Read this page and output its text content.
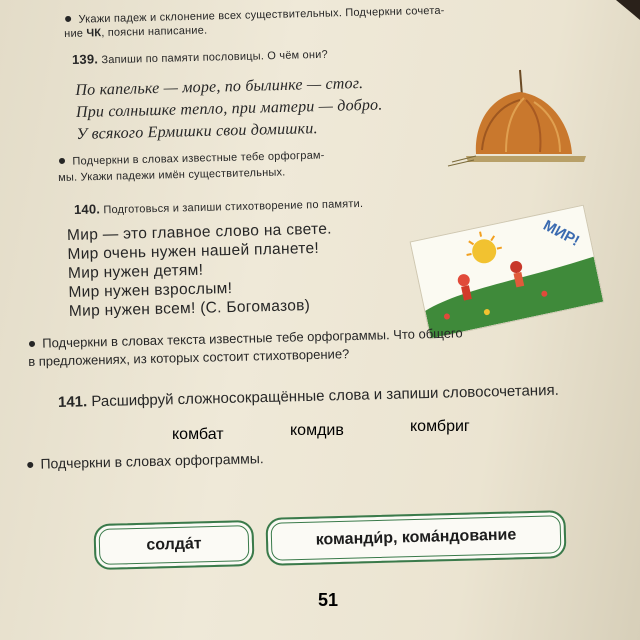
● Укажи падеж и склонение всех существительных. Подчеркни сочета-
ние ЧК, поясни написание.
139. Запиши по памяти пословицы. О чём они?
По капельке — море, по былинке — стог.
При солнышке тепло, при матери — добро.
У всякого Ермишки свои домишки.
● Подчеркни в словах известные тебе орфограм-
мы. Укажи падежи имён существительных.
140. Подготовься и запиши стихотворение по памяти.
Мир — это главное слово на свете.
Мир очень нужен нашей планете!
Мир нужен детям!
Мир нужен взрослым!
Мир нужен всем! (С. Богомазов)
МИР!
● Подчеркни в словах текста известные тебе орфограммы. Что общего
в предложениях, из которых состоит стихотворение?
141. Расшифруй сложносокращённые слова и запиши словосочетания.
комбат	комдив	комбриг
● Подчеркни в словах орфограммы.
солда́т	команди́р, кома́ндование
51
